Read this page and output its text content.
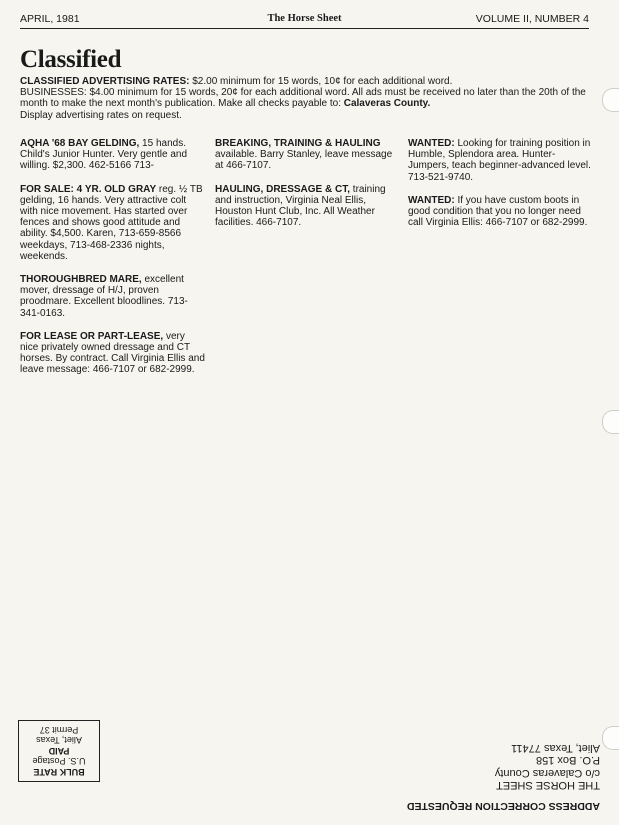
APRIL, 1981	The Horse Sheet	VOLUME II, NUMBER 4
Classified

CLASSIFIED ADVERTISING RATES: $2.00 minimum for 15 words, 10¢ for each additional word.

BUSINESSES: $4.00 minimum for 15 words, 20¢ for each additional word. All ads must be received no later than the 20th of the month to make the next month's publication. Make all checks payable to: Calaveras County.

Display advertising rates on request.

AQHA '68 BAY GELDING, 15 hands. Child's Junior Hunter. Very gentle and willing. $2,300. 462-5166 713-

FOR SALE: 4 YR. OLD GRAY reg. ½ TB gelding, 16 hands. Very attractive colt with nice movement. Has started over fences and shows good attitude and ability. $4,500. Karen, 713-659-8566 weekdays, 713-468-2336 nights, weekends.

THOROUGHBRED MARE, excellent mover, dressage of H/J, proven proodmare. Excellent bloodlines. 713-341-0163.

FOR LEASE OR PART-LEASE, very nice privately owned dressage and CT horses. By contract. Call Virginia Ellis and leave message: 466-7107 or 682-2999.

BREAKING, TRAINING & HAULING available. Barry Stanley, leave message at 466-7107.

HAULING, DRESSAGE & CT, training and instruction, Virginia Neal Ellis, Houston Hunt Club, Inc. All Weather facilities. 466-7107.

WANTED: Looking for training position in Humble, Splendora area. Hunter-Jumpers, teach beginner-advanced level. 713-521-9740.

WANTED: If you have custom boots in good condition that you no longer need call Virginia Ellis: 466-7107 or 682-2999.

ADDRESS CORRECTION REQUESTED
THE HORSE SHEET
c/o Calaveras County
P.O. Box 158
Aliet, Texas 77411
BULK RATE
U.S. Postage
PAID
Aliet, Texas
Permit 37
